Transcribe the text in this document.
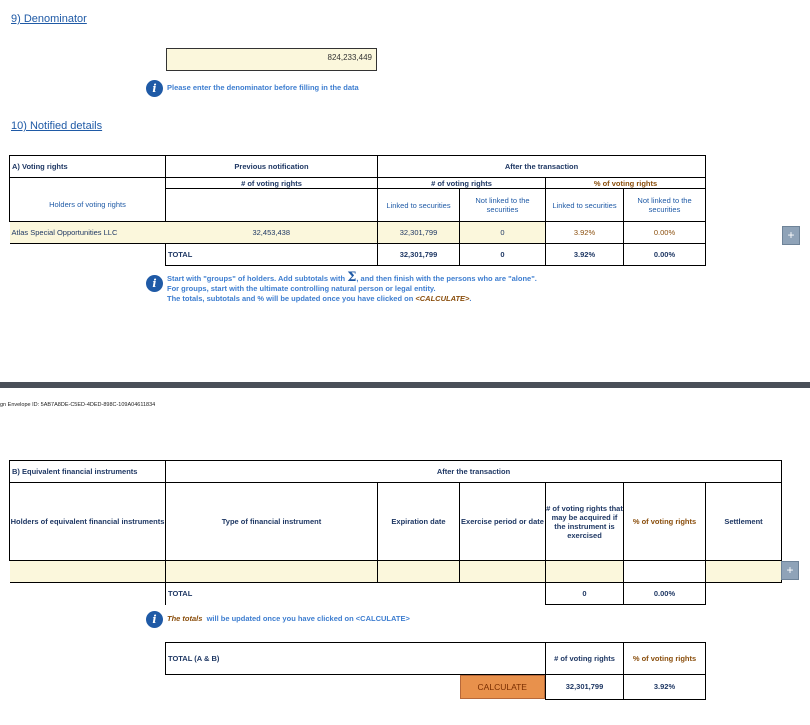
9) Denominator
824,233,449
i	Please enter the denominator before filling in the data
10) Notified details
A) Voting rights	Previous notification	After the transaction			
	# of voting rights	# of voting rights		% of voting rights	
Holders of voting rights		Linked to securities	Not linked to the securities	Linked to securities	Not linked to the securities
Atlas Special Opportunities LLC	32,453,438	32,301,799	0	3.92%	0.00%
	TOTAL	32,301,799	0	3.92%	0.00%
+
i	Start with "groups" of holders. Add subtotals with Σ, and then finish with the persons who are "alone".
For groups, start with the ultimate controlling natural person or legal entity.
The totals, subtotals and % will be updated once you have clicked on <CALCULATE>.
gn Envelope ID: 5AB7A8DE-C5ED-4DED-898C-109A04611834
B) Equivalent financial instruments	After the transaction					
Holders of equivalent financial instruments	Type of financial instrument	Expiration date	Exercise period or date	# of voting rights that may be acquired if the instrument is exercised	% of voting rights	Settlement

	TOTAL			0	0.00%	
+
i	The totals will be updated once you have clicked on <CALCULATE>
TOTAL (A & B)			# of voting rights	% of voting rights

		CALCULATE	32,301,799	3.92%
